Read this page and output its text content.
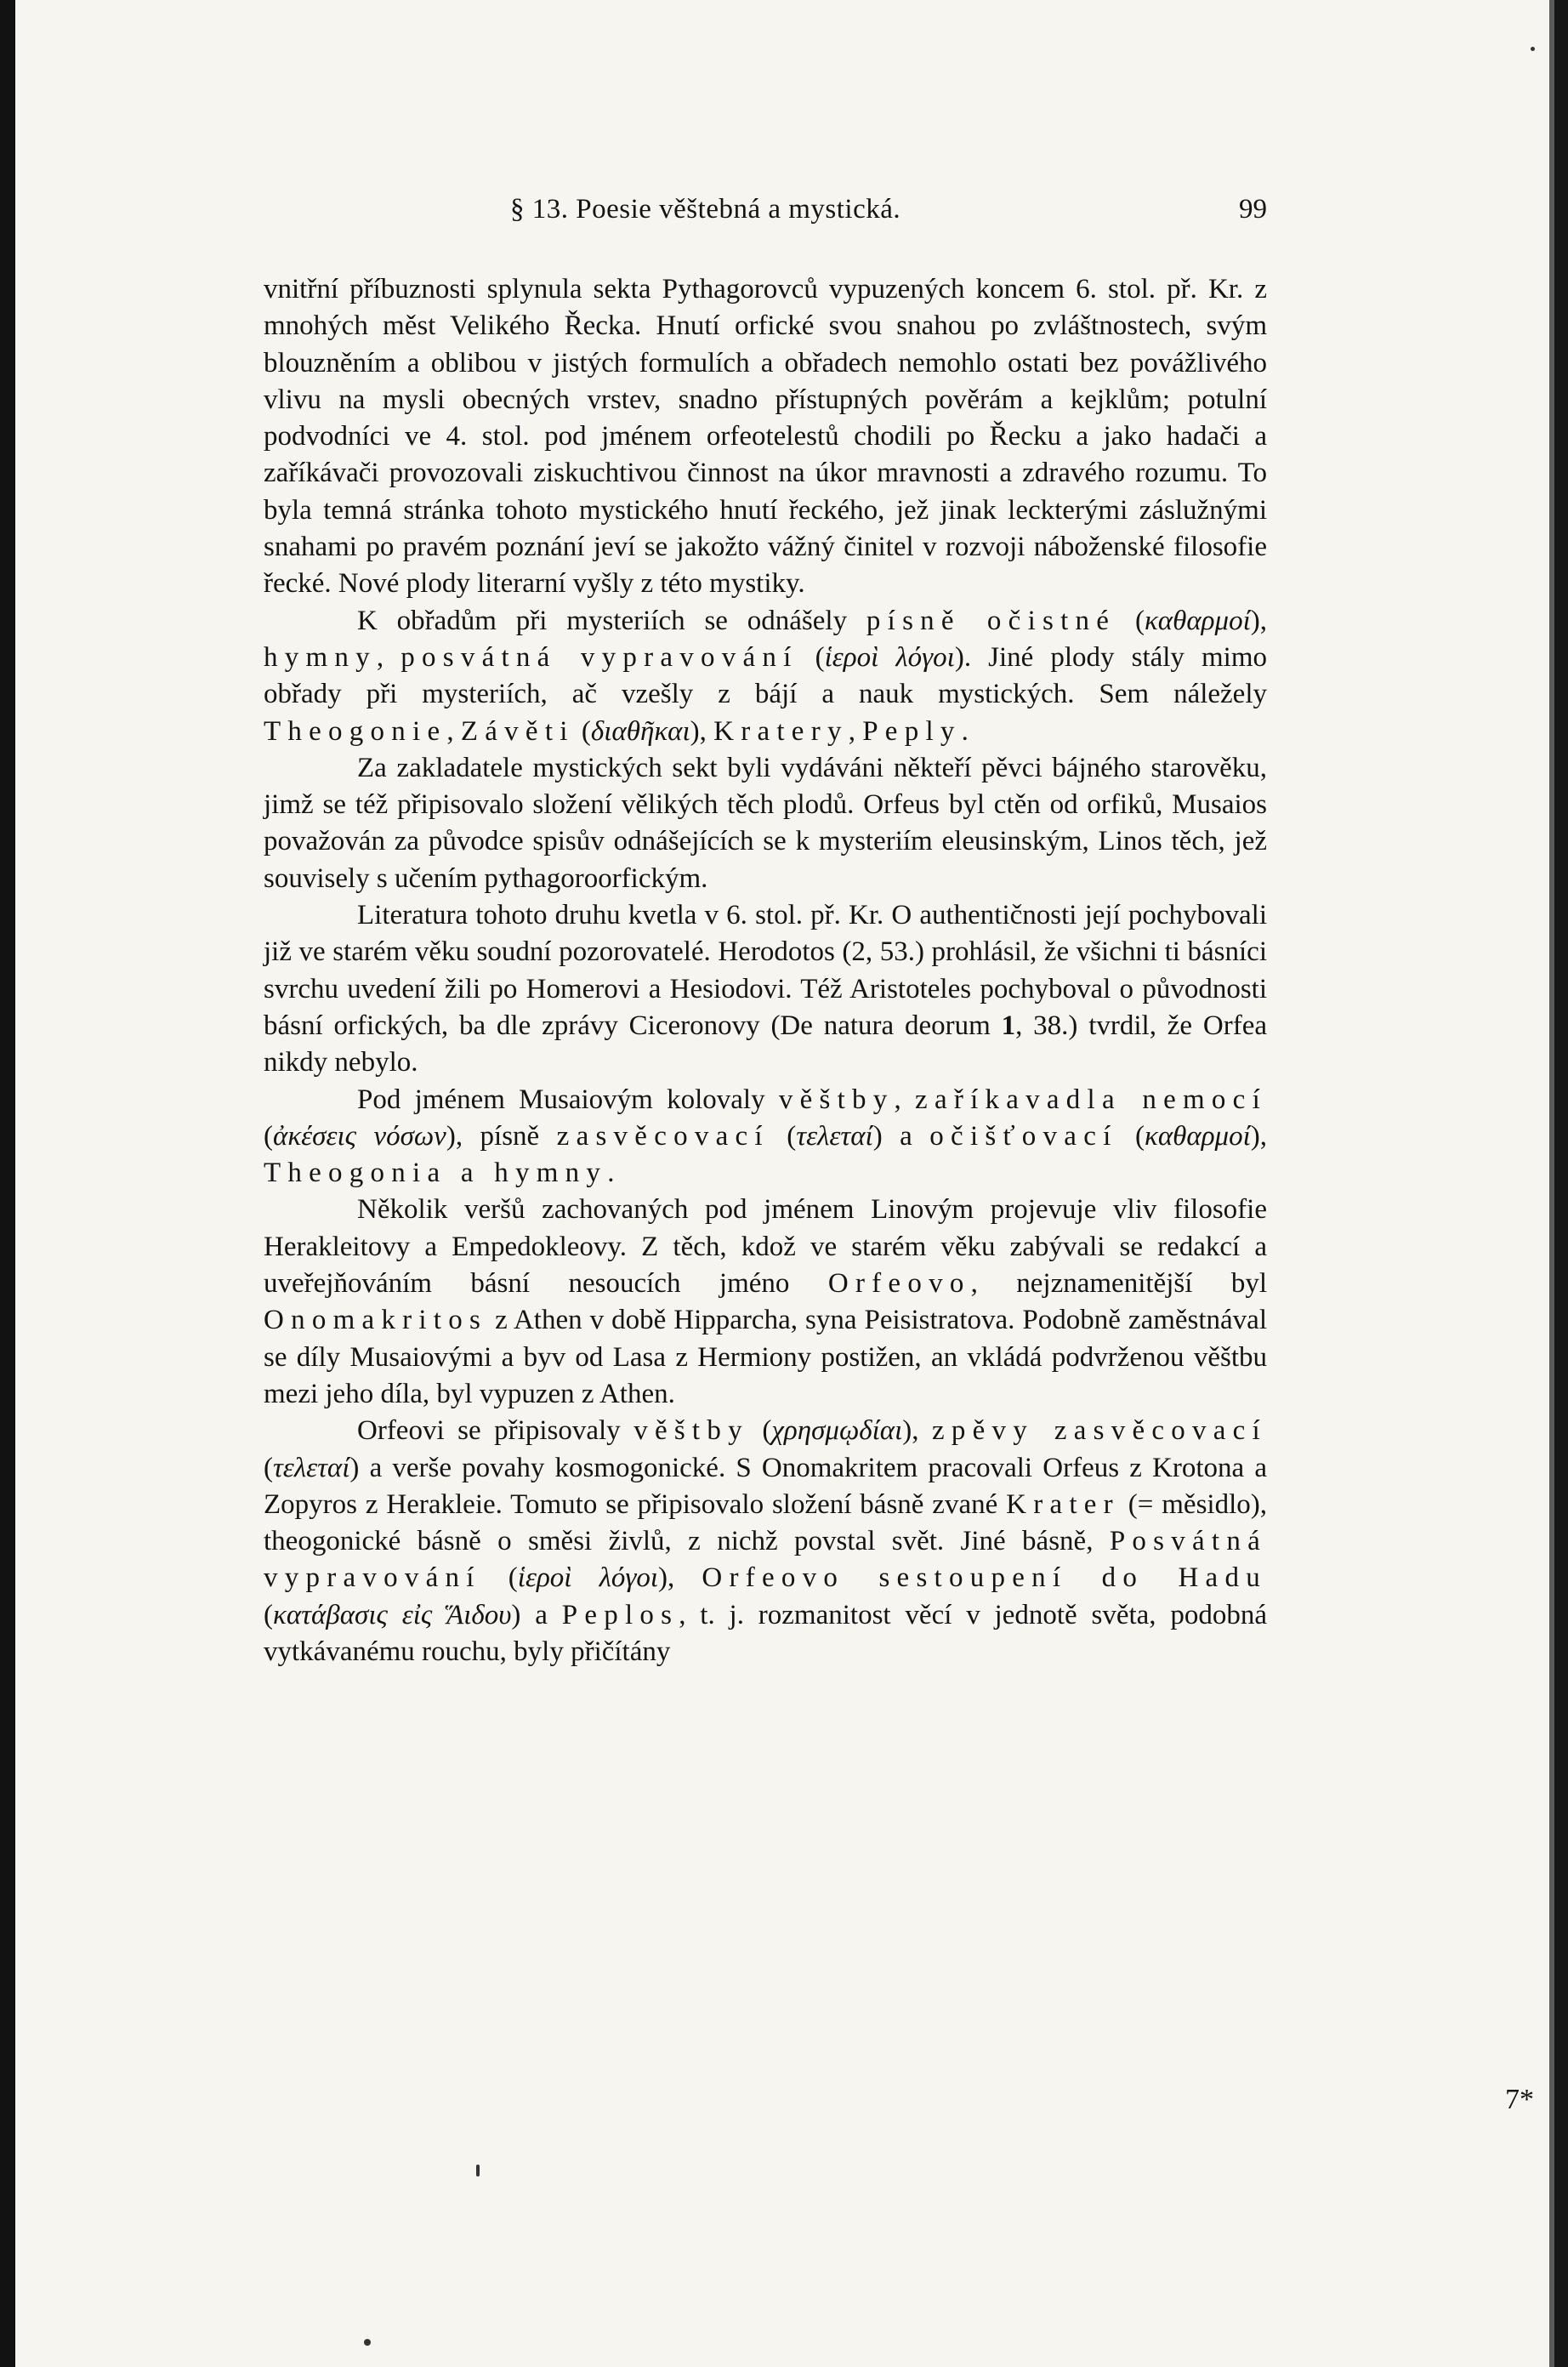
§ 13. Poesie věštebná a mystická.	99

vnitřní příbuznosti splynula sekta Pythagorovců vypuzených koncem 6. stol. př. Kr. z mnohých měst Velikého Řecka. Hnutí orfické svou snahou po zvláštnostech, svým blouzněním a oblibou v jistých formulích a obřadech nemohlo ostati bez povážlivého vlivu na mysli obecných vrstev, snadno přístupných pověrám a kejklům; potulní podvodníci ve 4. stol. pod jménem orfeotelestů chodili po Řecku a jako hadači a zaříkávači provozovali ziskuchtivou činnost na úkor mravnosti a zdravého rozumu. To byla temná stránka tohoto mystického hnutí řeckého, jež jinak leckterými záslužnými snahami po pravém poznání jeví se jakožto vážný činitel v rozvoji náboženské filosofie řecké. Nové plody literarní vyšly z této mystiky.

K obřadům při mysteriích se odnášely písně očistné (καθαρμοί), hymny, posvátná vypravování (ἱεροὶ λόγοι). Jiné plody stály mimo obřady při mysteriích, ač vzešly z bájí a nauk mystických. Sem náležely Theogonie, Závěti (διαθῆκαι), Kratery, Peply.

Za zakladatele mystických sekt byli vydáváni někteří pěvci bájného starověku, jimž se též připisovalo složení vělikých těch plodů. Orfeus byl ctěn od orfiků, Musaios považován za původce spisův odnášejících se k mysteriím eleusinským, Linos těch, jež souvisely s učením pythagoroorfickým.

Literatura tohoto druhu kvetla v 6. stol. př. Kr. O authentičnosti její pochybovali již ve starém věku soudní pozorovatelé. Herodotos (2, 53.) prohlásil, že všichni ti básníci svrchu uvedení žili po Homerovi a Hesiodovi. Též Aristoteles pochyboval o původnosti básní orfických, ba dle zprávy Ciceronovy (De natura deorum 1, 38.) tvrdil, že Orfea nikdy nebylo.

Pod jménem Musaiovým kolovaly věštby, zaříkavadla nemocí (ἀκέσεις νόσων), písně zasvěcovací (τελεταί) a očišťovací (καθαρμοί), Theogonia a hymny.

Několik veršů zachovaných pod jménem Linovým projevuje vliv filosofie Herakleitovy a Empedokleovy. Z těch, kdož ve starém věku zabývali se redakcí a uveřejňováním básní nesoucích jméno Orfeovo, nejznamenitější byl Onomakritos z Athen v době Hipparcha, syna Peisistratova. Podobně zaměstnával se díly Musaiovými a byv od Lasa z Hermiony postižen, an vkládá podvrženou věštbu mezi jeho díla, byl vypuzen z Athen.

Orfeovi se připisovaly věštby (χρησμῳδίαι), zpěvy zasvěcovací (τελεταί) a verše povahy kosmogonické. S Onomakritem pracovali Orfeus z Krotona a Zopyros z Herakleie. Tomuto se připisovalo složení básně zvané Krater (= měsidlo), theogonické básně o směsi živlů, z nichž povstal svět. Jiné básně, Posvátná vypravování (ἱεροὶ λόγοι), Orfeovo sestoupení do Hadu (κατάβασις εἰς Ἅιδου) a Peplos, t. j. rozmanitost věcí v jednotě světa, podobná vytkávanému rouchu, byly přičítány

7*
